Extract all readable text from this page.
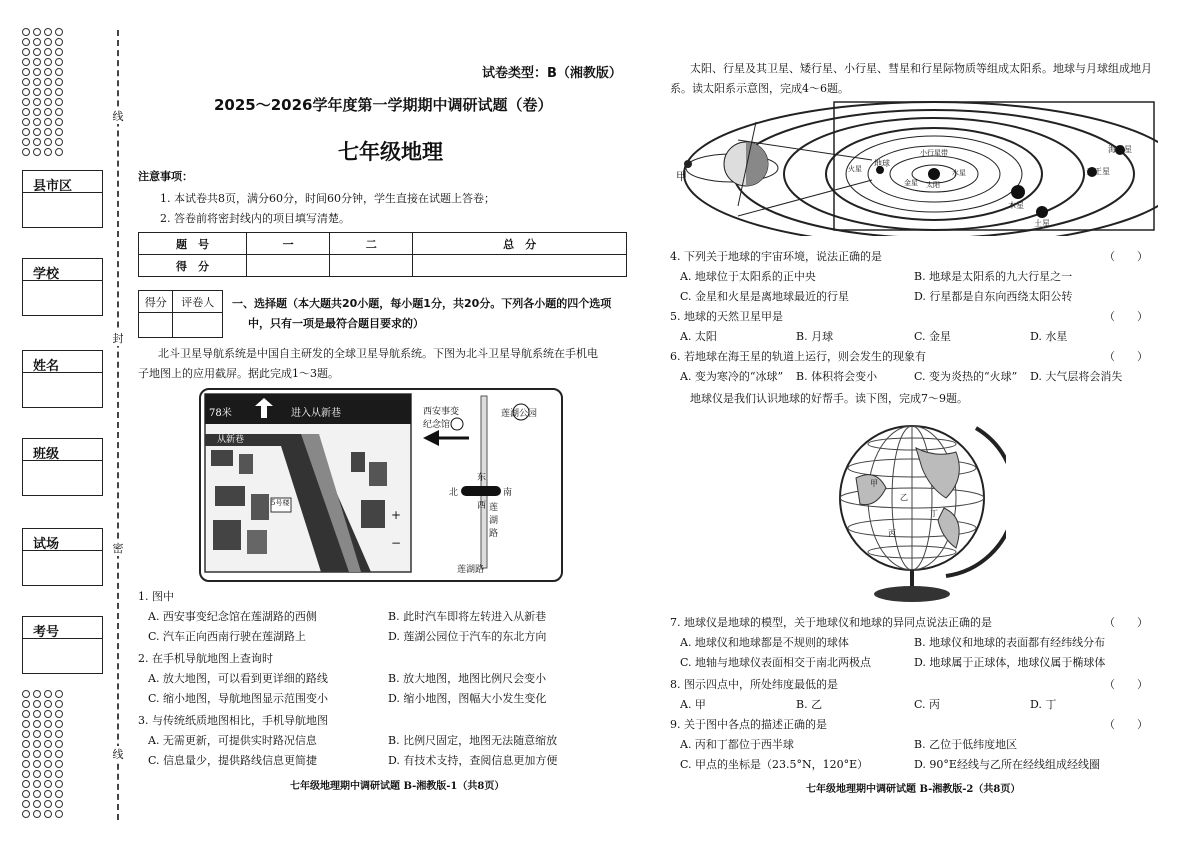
线
封
密
线
县市区
学校
姓名
班级
试场
考号
试卷类型：B（湘教版）
2025～2026学年度第一学期期中调研试题（卷）
七年级地理
注意事项：
1. 本试卷共8页，满分60分，时间60分钟，学生直接在试题上答卷；
2. 答卷前将密封线内的项目填写清楚。
题　号	一	二	总　分
得　分			
得分	评卷人
	一、选择题（本大题共20小题，每小题1分，共20分。下列各小题的四个选项
中，只有一项是最符合题目要求的）
北斗卫星导航系统是中国自主研发的全球卫星导航系统。下图为北斗卫星导航系统在手机电
子地图上的应用截屏。据此完成1～3题。
78米	进入从新巷
从新巷
5号楼
+
−
西安事变纪念馆
莲湖公园
莲湖路
莲湖路
北
东
南
西
1. 图中
A. 西安事变纪念馆在莲湖路的西侧	B. 此时汽车即将左转进入从新巷
C. 汽车正向西南行驶在莲湖路上	D. 莲湖公园位于汽车的东北方向
2. 在手机导航地图上查询时
A. 放大地图，可以看到更详细的路线	B. 放大地图，地图比例尺会变小
C. 缩小地图，导航地图显示范围变小	D. 缩小地图，图幅大小发生变化
3. 与传统纸质地图相比，手机导航地图
A. 无需更新，可提供实时路况信息	B. 比例尺固定，地图无法随意缩放
C. 信息量少，提供路线信息更简捷	D. 有技术支持，查阅信息更加方便
七年级地理期中调研试题 B-湘教版-1（共8页）
太阳、行星及其卫星、矮行星、小行星、彗星和行星际物质等组成太阳系。地球与月球组成地月
系。读太阳系示意图，完成4～6题。
甲
海王星
天王星
土星
木星
地球
太阳
水星
金星
火星
小行星带
4. 下列关于地球的宇宙环境，说法正确的是	（　　）
A. 地球位于太阳系的正中央	B. 地球是太阳系的九大行星之一
C. 金星和火星是离地球最近的行星	D. 行星都是自东向西绕太阳公转
5. 地球的天然卫星甲是	（　　）
A. 太阳	B. 月球	C. 金星	D. 水星
6. 若地球在海王星的轨道上运行，则会发生的现象有	（　　）
A. 变为寒冷的“冰球” B. 体积将会变小	C. 变为炎热的“火球” D. 大气层将会消失
地球仪是我们认识地球的好帮手。读下图，完成7～9题。
甲
乙
丙
丁
7. 地球仪是地球的模型，关于地球仪和地球的异同点说法正确的是	（　　）
A. 地球仪和地球都是不规则的球体	B. 地球仪和地球的表面都有经纬线分布
C. 地轴与地球仪表面相交于南北两极点	D. 地球属于正球体，地球仪属于椭球体
8. 图示四点中，所处纬度最低的是	（　　）
A. 甲	B. 乙	C. 丙	D. 丁
9. 关于图中各点的描述正确的是	（　　）
A. 丙和丁都位于西半球	B. 乙位于低纬度地区
C. 甲点的坐标是（23.5°N，120°E）	D. 90°E经线与乙所在经线组成经线圈
七年级地理期中调研试题 B-湘教版-2（共8页）
